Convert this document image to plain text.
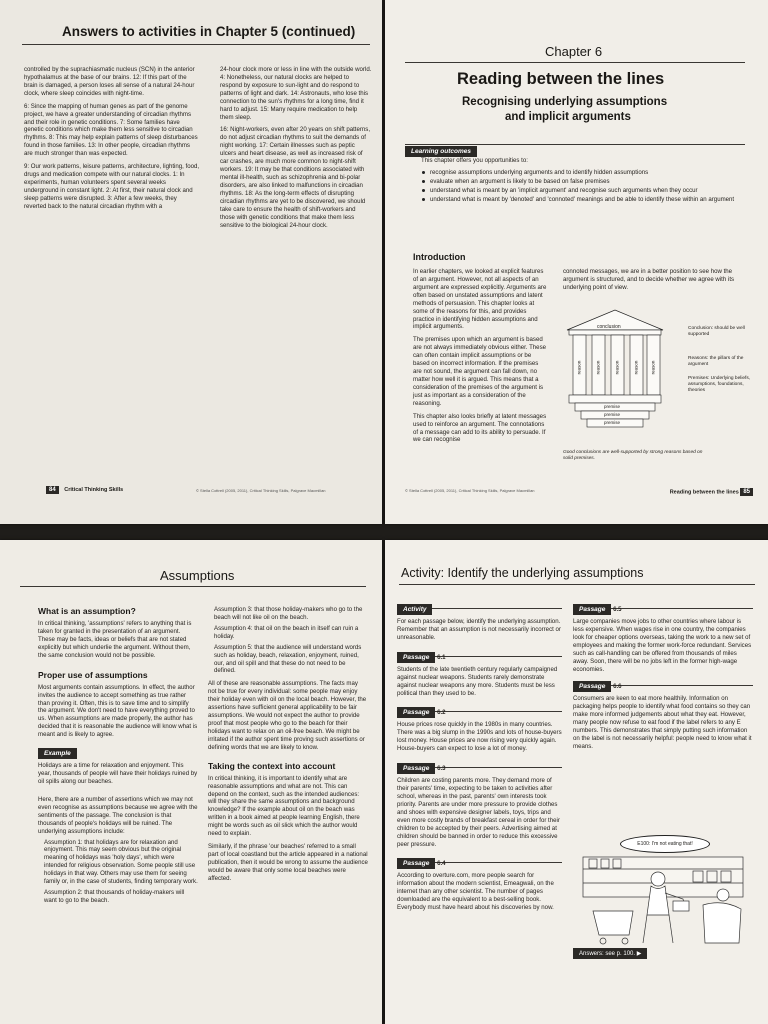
Answers to activities in Chapter 5 (continued)

controlled by the suprachiasmatic nucleus (SCN) in the anterior hypothalamus at the base of our brains. 12: If this part of the brain is damaged, a person loses all sense of a natural 24-hour clock, where sleep coincides with night-time.

6: Since the mapping of human genes as part of the genome project, we have a greater understanding of circadian rhythms and their role in genetic conditions. 7: Some families have genetic conditions which make them less sensitive to circadian rhythms. 8: This may help explain patterns of sleep disturbances found in those families. 13: In other people, circadian rhythms are much stronger than was expected.

9: Our work patterns, leisure patterns, architecture, lighting, food, drugs and medication compete with our natural clocks. 1: In experiments, human volunteers spent several weeks underground in constant light. 2: At first, their natural clock and sleep patterns were disrupted. 3: After a few weeks, they reverted back to the natural circadian rhythm with a

24-hour clock more or less in line with the outside world. 4: Nonetheless, our natural clocks are helped to respond by exposure to sun-light and do respond to patterns of light and dark. 14: Astronauts, who lose this connection to the sun's rhythms for a long time, find it hard to adjust. 15: Many require medication to help them sleep.

16: Night-workers, even after 20 years on shift patterns, do not adjust circadian rhythms to suit the demands of night working. 17: Certain illnesses such as peptic ulcers and heart disease, as well as increased risk of car crashes, are much more common to night-shift workers. 19: It may be that conditions associated with mental ill-health, such as schizophrenia and bi-polar disorders, are also linked to malfunctions in circadian rhythms. 18: As the long-term effects of disrupting circadian rhythms are yet to be discovered, we should take care to ensure the health of shift-workers and those with genetic conditions that make them less sensitive to the biological 24-hour clock.

84 Critical Thinking Skills	© Stella Cottrell (2005, 2011), Critical Thinking Skills, Palgrave Macmillan
Chapter 6
Reading between the lines
Recognising underlying assumptions
and implicit arguments
Learning outcomes

This chapter offers you opportunities to:

recognise assumptions underlying arguments and to identify hidden assumptions
evaluate when an argument is likely to be based on false premises
understand what is meant by an 'implicit argument' and recognise such arguments when they occur
understand what is meant by 'denoted' and 'connoted' meanings and be able to identify these within an argument
Introduction

In earlier chapters, we looked at explicit features of an argument. However, not all aspects of an argument are expressed explicitly. Arguments are often based on unstated assumptions and latent methods of persuasion. This chapter looks at some of the reasons for this, and provides practice in identifying hidden assumptions and implicit arguments.

The premises upon which an argument is based are not always immediately obvious either. These can often contain implicit assumptions or be based on incorrect information. If the premises are not sound, the argument can fall down, no matter how well it is argued. This means that a consideration of the premises of the argument is just as important as a consideration of the reasoning.

This chapter also looks briefly at latent messages used to reinforce an argument. The connotations of a message can add to its ability to persuade. If we can recognise

connoted messages, we are in a better position to see how the argument is structured, and to decide whether we agree with its underlying point of view.
conclusion
reason	reason	reason	reason	reason
premise
premise
premise
Conclusion: should be well supported
Reasons: the pillars of the argument
Premises: Underlying beliefs, assumptions, foundations, theories
Good conclusions are well-supported by strong reasons based on solid premises.
© Stella Cottrell (2005, 2011), Critical Thinking Skills, Palgrave Macmillan	Reading between the lines 85
Assumptions
What is an assumption?

In critical thinking, 'assumptions' refers to anything that is taken for granted in the presentation of an argument. These may be facts, ideas or beliefs that are not stated explicitly but which underlie the argument. Without them, the same conclusion would not be possible.

Proper use of assumptions

Most arguments contain assumptions. In effect, the author invites the audience to accept something as true rather than proving it. Often, this is to save time and to simplify the argument. We don't need to have everything proved to us. When assumptions are made properly, the author has decided that it is reasonable the audience will know what is meant and is likely to agree.

Example

Holidays are a time for relaxation and enjoyment. This year, thousands of people will have their holidays ruined by oil spills along our beaches.

Here, there are a number of assertions which we may not even recognise as assumptions because we agree with the sentiments of the passage. The conclusion is that thousands of people's holidays will be ruined. The underlying assumptions include:

Assumption 1: that holidays are for relaxation and enjoyment. This may seem obvious but the original meaning of holidays was 'holy days', which were intended for religious observation. Some people still use holidays in that way. Others may use them for seeing family or, in the case of students, finding temporary work.

Assumption 2: that thousands of holiday-makers will want to go to the beach.

Assumption 3: that those holiday-makers who go to the beach will not like oil on the beach.

Assumption 4: that oil on the beach in itself can ruin a holiday.

Assumption 5: that the audience will understand words such as holiday, beach, relaxation, enjoyment, ruined, our, and oil spill and that these do not need to be defined.

All of these are reasonable assumptions. The facts may not be true for every individual: some people may enjoy their holiday even with oil on the local beach. However, the assertions have sufficient general applicability to be fair assumptions. We would not expect the author to provide proof that most people who go to the beach for their holidays want to relax on an oil-free beach. We might be irritated if the author spent time proving such assertions or defining words that we are likely to know.

Taking the context into account

In critical thinking, it is important to identify what are reasonable assumptions and what are not. This can depend on the context, such as the intended audiences: will they share the same assumptions and background knowledge? If the example about oil on the beach was written in a book aimed at people learning English, there might be words such as oil slick which the author would need to explain.

Similarly, if the phrase 'our beaches' referred to a small part of local coastland but the article appeared in a national publication, then it would be wrong to assume the audience would be aware that only some local beaches were affected.

Activity: Identify the underlying assumptions
Activity

For each passage below, identify the underlying assumption. Remember that an assumption is not necessarily incorrect or unreasonable.

Passage 6.1

Students of the late twentieth century regularly campaigned against nuclear weapons. Students rarely demonstrate against nuclear weapons any more. Students must be less political than they used to be.

Passage 6.2

House prices rose quickly in the 1980s in many countries. There was a big slump in the 1990s and lots of house-buyers lost money. House prices are now rising very quickly again. House-buyers can expect to lose a lot of money.

Passage 6.3

Children are costing parents more. They demand more of their parents' time, expecting to be taken to activities after school, whereas in the past, parents' own interests took priority. Parents are under more pressure to provide clothes and shoes with expensive designer labels, toys, trips and even more costly brands of breakfast cereal in order for their children to be accepted by their peers. Advertising aimed at children should be banned in order to reduce this excessive peer pressure.

Passage 6.4

According to overture.com, more people search for information about the modern scientist, Emeagwali, on the internet than any other scientist. The number of pages downloaded are the equivalent to a best-selling book. Everybody must have heard about his discoveries by now.

Passage 6.5

Large companies move jobs to other countries where labour is less expensive. When wages rise in one country, the companies look for cheaper options overseas, taking the work to a new set of employees and making the former work-force redundant. Services such as call-handling can be offered from thousands of miles away. Soon, there will be no jobs left in the former high-wage economies.

Passage 6.6

Consumers are keen to eat more healthily. Information on packaging helps people to identify what food contains so they can make more informed judgements about what they eat. However, many people now refuse to eat food if the label refers to any E numbers. This demonstrates that simply putting such information on the label is not necessarily helpful: people need to know what it means.

E100: I'm not eating that!
Answers: see p. 100. ▶
